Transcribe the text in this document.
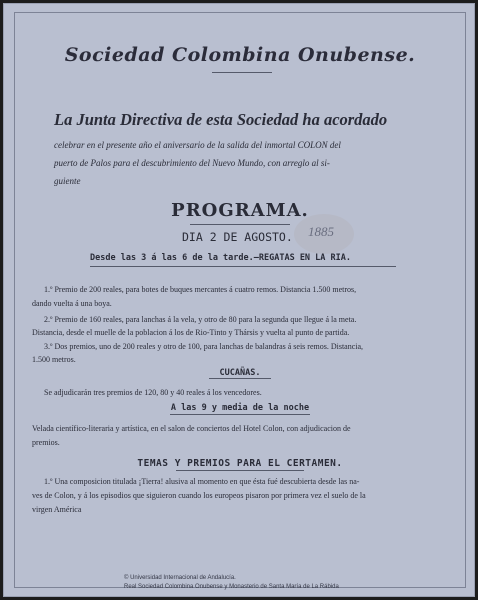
Sociedad Colombina Onubense.
La Junta Directiva de esta Sociedad ha acordado
celebrar en el presente año el aniversario de la salida del inmortal COLON del
puerto de Palos para el descubrimiento del Nuevo Mundo, con arreglo al si-
guiente
PROGRAMA.
DIA 2 DE AGOSTO. 1885
Desde las 3 á las 6 de la tarde.—REGATAS EN LA RIA.
1.º Premio de 200 reales, para botes de buques mercantes á cuatro remos. Distancia 1.500 metros,
dando vuelta á una boya.
2.º Premio de 160 reales, para lanchas á la vela, y otro de 80 para la segunda que llegue á la meta.
Distancia, desde el muelle de la poblacion á los de Rio-Tinto y Thársis y vuelta al punto de partida.
3.º Dos premios, uno de 200 reales y otro de 100, para lanchas de balandras á seis remos. Distancia,
1.500 metros.
CUCAÑAS.
Se adjudicarán tres premios de 120, 80 y 40 reales á los vencedores.
A las 9 y media de la noche
Velada científico-literaria y artística, en el salon de conciertos del Hotel Colon, con adjudicacion de
premios.
TEMAS Y PREMIOS PARA EL CERTAMEN.
1.º Una composicion titulada ¡Tierra! alusiva al momento en que ésta fué descubierta desde las na-
ves de Colon, y á los episodios que siguieron cuando los europeos pisaron por primera vez el suelo de la
virgen América
© Universidad Internacional de Andalucía.
Real Sociedad Colombina Onubense y Monasterio de Santa María de La Rábida
